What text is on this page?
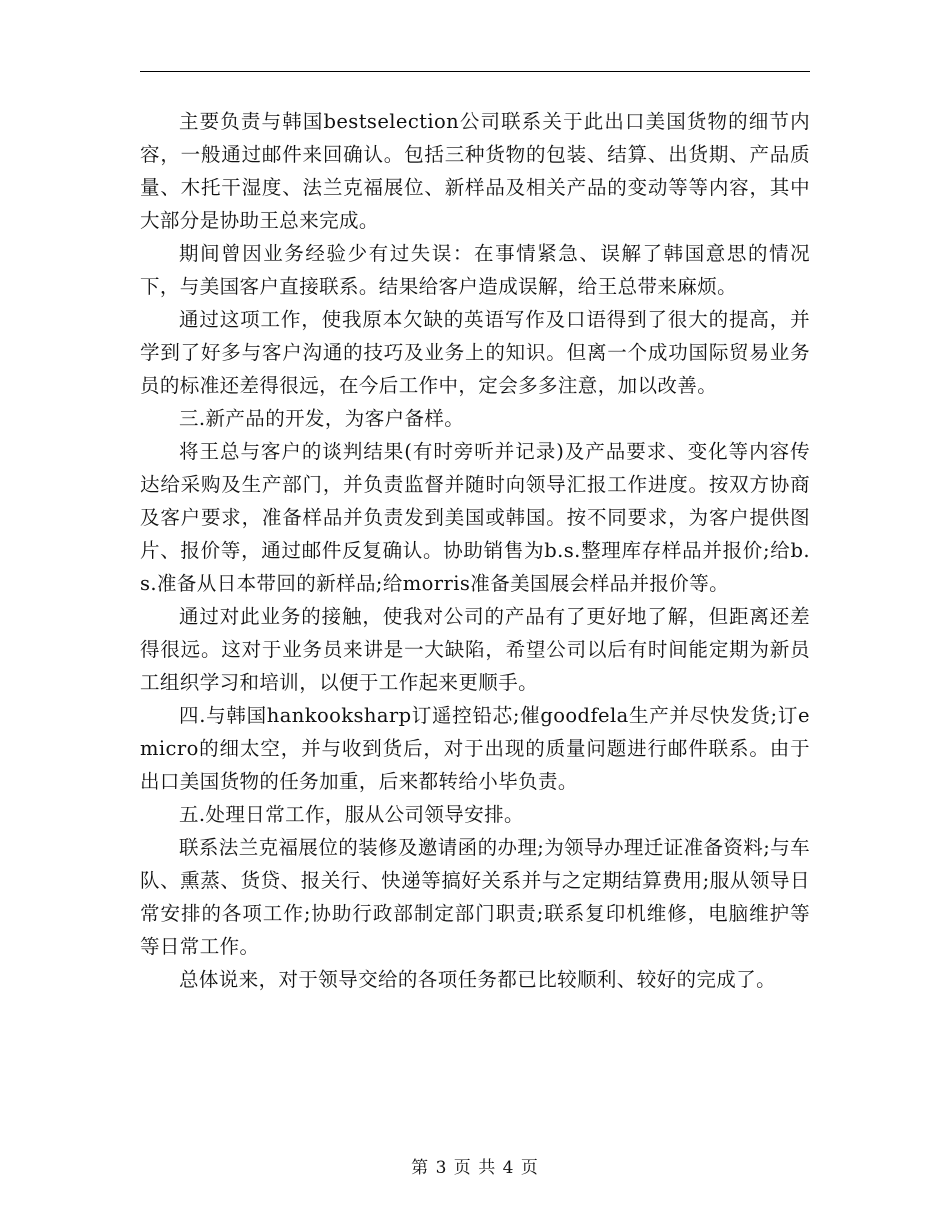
主要负责与韩国bestselection公司联系关于此出口美国货物的细节内容，一般通过邮件来回确认。包括三种货物的包装、结算、出货期、产品质量、木托干湿度、法兰克福展位、新样品及相关产品的变动等等内容，其中大部分是协助王总来完成。

期间曾因业务经验少有过失误：在事情紧急、误解了韩国意思的情况下，与美国客户直接联系。结果给客户造成误解，给王总带来麻烦。

通过这项工作，使我原本欠缺的英语写作及口语得到了很大的提高，并学到了好多与客户沟通的技巧及业务上的知识。但离一个成功国际贸易业务员的标准还差得很远，在今后工作中，定会多多注意，加以改善。

三.新产品的开发，为客户备样。

将王总与客户的谈判结果(有时旁听并记录)及产品要求、变化等内容传达给采购及生产部门，并负责监督并随时向领导汇报工作进度。按双方协商及客户要求，准备样品并负责发到美国或韩国。按不同要求，为客户提供图片、报价等，通过邮件反复确认。协助销售为b.s.整理库存样品并报价;给b.s.准备从日本带回的新样品;给morris准备美国展会样品并报价等。

通过对此业务的接触，使我对公司的产品有了更好地了解，但距离还差得很远。这对于业务员来讲是一大缺陷，希望公司以后有时间能定期为新员工组织学习和培训，以便于工作起来更顺手。

四.与韩国hankooksharp订遥控铅芯;催goodfela生产并尽快发货;订emicro的细太空，并与收到货后，对于出现的质量问题进行邮件联系。由于出口美国货物的任务加重，后来都转给小毕负责。

五.处理日常工作，服从公司领导安排。

联系法兰克福展位的装修及邀请函的办理;为领导办理迁证准备资料;与车队、熏蒸、货贷、报关行、快递等搞好关系并与之定期结算费用;服从领导日常安排的各项工作;协助行政部制定部门职责;联系复印机维修，电脑维护等等日常工作。

总体说来，对于领导交给的各项任务都已比较顺利、较好的完成了。

第 3 页 共 4 页
